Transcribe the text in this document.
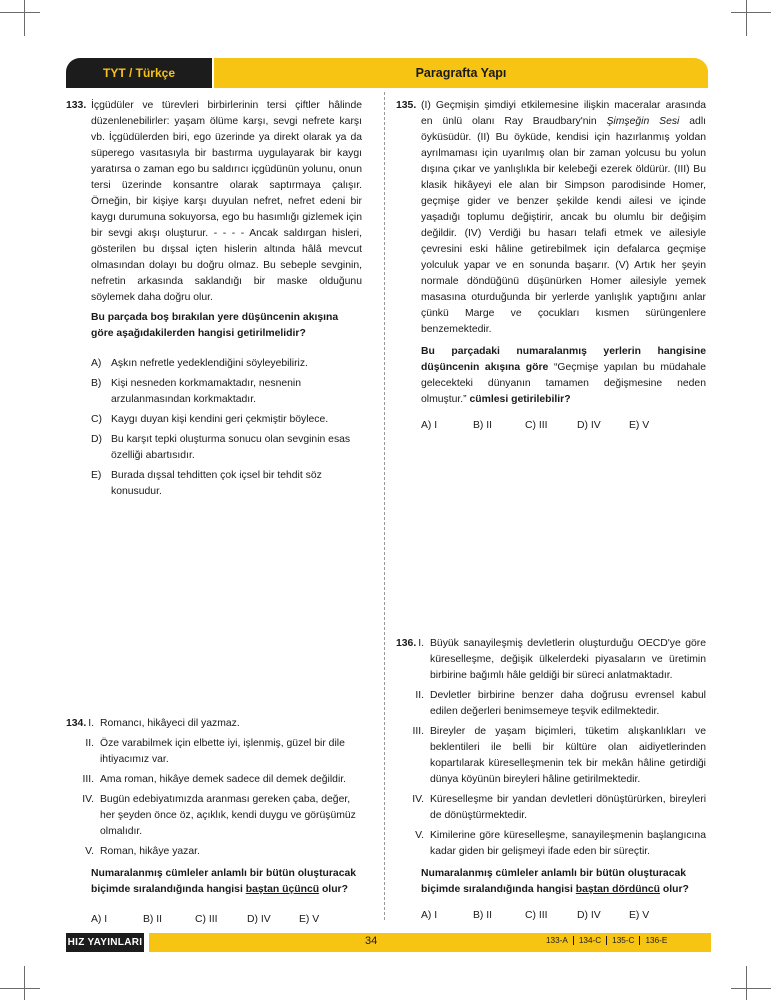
TYT / Türkçe	Paragrafta Yapı
133. İçgüdüler ve türevleri birbirlerinin tersi çiftler hâlinde düzenlenebilirler: yaşam ölüme karşı, sevgi nefrete karşı vb. İçgüdülerden biri, ego üzerinde ya direkt olarak ya da süperego vasıtasıyla bir bastırma uygulayarak bir kaygı yaratırsa o zaman ego bu saldırıcı içgüdünün yolunu, onun tersi üzerinde konsantre olarak saptırmaya çalışır. Örneğin, bir kişiye karşı duyulan nefret, nefret edeni bir kaygı durumuna sokuyorsa, ego bu hasımlığı gizlemek için bir sevgi akışı oluşturur. - - - - Ancak saldırgan hisleri, gösterilen bu dışsal içten hislerin altında hâlâ mevcut olmasından dolayı bu doğru olmaz. Bu sebeple sevginin, nefretin arkasında saklandığı bir maske olduğunu söylemek daha doğru olur.
Bu parçada boş bırakılan yere düşüncenin akışına göre aşağıdakilerden hangisi getirilmelidir?
A) Aşkın nefretle yedeklendiğini söyleyebiliriz.
B) Kişi nesneden korkmamaktadır, nesnenin arzulanmasından korkmaktadır.
C) Kaygı duyan kişi kendini geri çekmiştir böylece.
D) Bu karşıt tepki oluşturma sonucu olan sevginin esas özelliği abartısıdır.
E) Burada dışsal tehditten çok içsel bir tehdit söz konusudur.
134. I. Romancı, hikâyeci dil yazmaz.
II. Öze varabilmek için elbette iyi, işlenmiş, güzel bir dile ihtiyacımız var.
III. Ama roman, hikâye demek sadece dil demek değildir.
IV. Bugün edebiyatımızda aranması gereken çaba, değer, her şeyden önce öz, açıklık, kendi duygu ve görüşümüz olmalıdır.
V. Roman, hikâye yazar.
Numaralanmış cümleler anlamlı bir bütün oluşturacak biçimde sıralandığında hangisi baştan üçüncü olur?
A) I	B) II	C) III	D) IV	E) V
135. (I) Geçmişin şimdiyi etkilemesine ilişkin maceralar arasında en ünlü olanı Ray Braudbary'nin Şimşeğin Sesi adlı öyküsüdür. (II) Bu öyküde, kendisi için hazırlanmış yoldan ayrılmaması için uyarılmış olan bir zaman yolcusu bu yolun dışına çıkar ve yanlışlıkla bir kelebeği ezerek öldürür. (III) Bu klasik hikâyeyi ele alan bir Simpson parodisinde Homer, geçmişe gider ve benzer şekilde kendi ailesi ve içinde yaşadığı toplumu değiştirir, ancak bu olumlu bir değişim değildir. (IV) Verdiği bu hasarı telafi etmek ve ailesiyle çevresini eski hâline getirebilmek için defalarca geçmişe yolculuk yapar ve en sonunda başarır. (V) Artık her şeyin normale döndüğünü düşünürken Homer ailesiyle yemek masasına oturduğunda bir yerlerde yanlışlık yaptığını anlar çünkü Marge ve çocukları kısmen sürüngenlere benzemektedir.
Bu parçadaki numaralanmış yerlerin hangisine düşüncenin akışına göre “Geçmişe yapılan bu müdahale gelecekteki dünyanın tamamen değişmesine neden olmuştur.” cümlesi getirilebilir?
A) I	B) II	C) III	D) IV	E) V
136. I. Büyük sanayileşmiş devletlerin oluşturduğu OECD'ye göre küreselleşme, değişik ülkelerdeki piyasaların ve üretimin birbirine bağımlı hâle geldiği bir süreci anlatmaktadır.
II. Devletler birbirine benzer daha doğrusu evrensel kabul edilen değerleri benimsemeye teşvik edilmektedir.
III. Bireyler de yaşam biçimleri, tüketim alışkanlıkları ve beklentileri ile belli bir kültüre olan aidiyetlerinden kopartılarak küreselleşmenin tek bir mekân hâline getirdiği dünya köyünün bireyleri hâline getirilmektedir.
IV. Küreselleşme bir yandan devletleri dönüştürürken, bireyleri de dönüştürmektedir.
V. Kimilerine göre küreselleşme, sanayileşmenin başlangıcına kadar giden bir gelişmeyi ifade eden bir süreçtir.
Numaralanmış cümleler anlamlı bir bütün oluşturacak biçimde sıralandığında hangisi baştan dördüncü olur?
A) I	B) II	C) III	D) IV	E) V
HIZ YAYINLARI	34	133-A	134-C	135-C	136-E
